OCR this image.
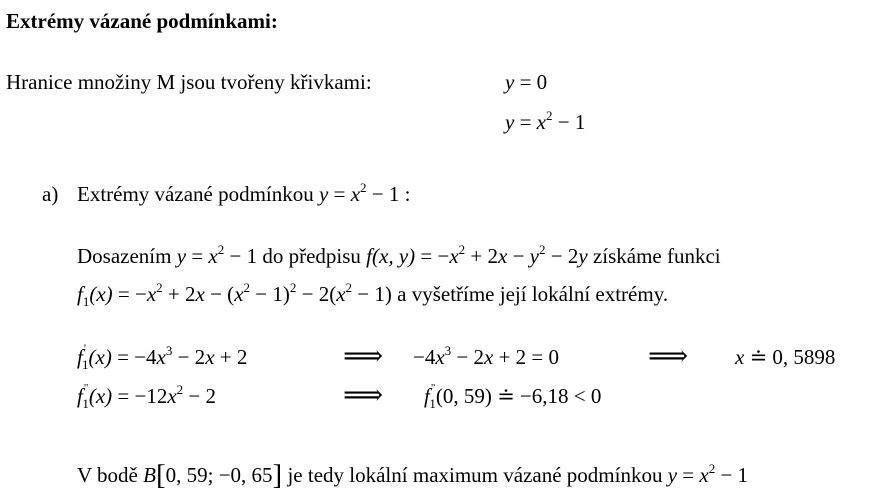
Extrémy vázané podmínkami:
Hranice množiny M jsou tvořeny křivkami:	y = 0
$y = x^2 - 1$
a) Extrémy vázané podmínkou $y = x^2 - 1$ :
Dosazením $y = x^2 - 1$ do předpisu f(x, $y) = -x^2 + 2x - y^2 - 2y$ získáme funkci
$f_1(x) = -x^2 + 2x - (x^2 - 1)^2 - 2(x^2 - 1)$ a vyšetříme její lokální extrémy.
$f'_1(x) = -4x^3 - 2x + 2$	⟹ $-4x^3 - 2x + 2 = 0$	⟹ x ≐ 0, 5898
$f^"_1(x) = -12x^2 - 2$	⟹ $f^"_1(0$, 59) ≐ −6,18 < 0
V bodě B[0, 59; −0, 65] je tedy lokální maximum vázané podmínkou $y = x^2 - 1$
